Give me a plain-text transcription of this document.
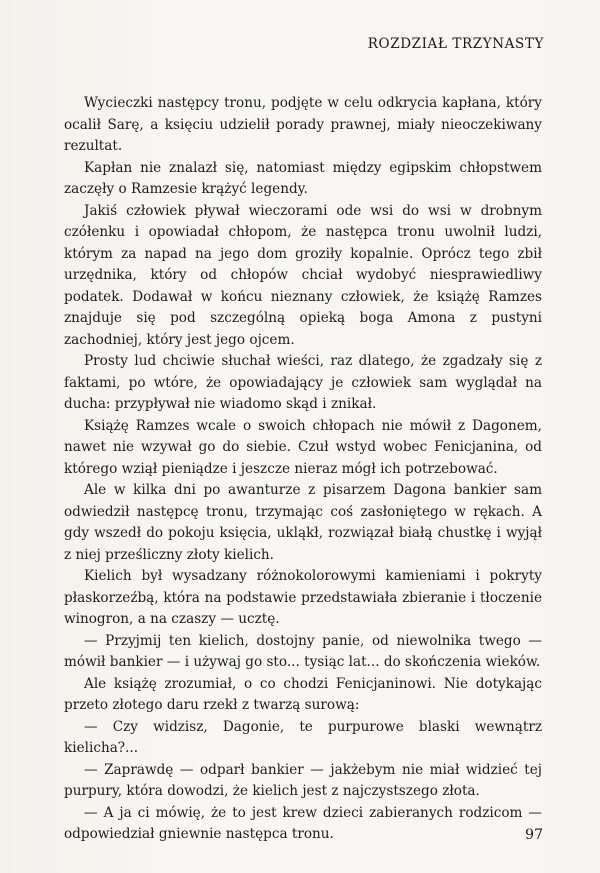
ROZDZIAŁ TRZYNASTY

Wycieczki następcy tronu, podjęte w celu odkrycia kapłana, który ocalił Sarę, a księciu udzielił porady prawnej, miały nieoczekiwany rezultat.

Kapłan nie znalazł się, natomiast między egipskim chłopstwem zaczęły o Ramzesie krążyć legendy.

Jakiś człowiek pływał wieczorami ode wsi do wsi w drobnym czółenku i opowiadał chłopom, że następca tronu uwolnił ludzi, którym za napad na jego dom groziły kopalnie. Oprócz tego zbił urzędnika, który od chłopów chciał wydobyć niesprawiedliwy podatek. Dodawał w końcu nieznany człowiek, że książę Ramzes znajduje się pod szczególną opieką boga Amona z pustyni zachodniej, który jest jego ojcem.

Prosty lud chciwie słuchał wieści, raz dlatego, że zgadzały się z faktami, po wtóre, że opowiadający je człowiek sam wyglądał na ducha: przypływał nie wiadomo skąd i znikał.

Książę Ramzes wcale o swoich chłopach nie mówił z Dagonem, nawet nie wzywał go do siebie. Czuł wstyd wobec Fenicjanina, od którego wziął pieniądze i jeszcze nieraz mógł ich potrzebować.

Ale w kilka dni po awanturze z pisarzem Dagona bankier sam odwiedził następcę tronu, trzymając coś zasłoniętego w rękach. A gdy wszedł do pokoju księcia, ukląkł, rozwiązał białą chustkę i wyjął z niej prześliczny złoty kielich.

Kielich był wysadzany różnokolorowymi kamieniami i pokryty płaskorzeźbą, która na podstawie przedstawiała zbieranie i tłoczenie winogron, a na czaszy — ucztę.

— Przyjmij ten kielich, dostojny panie, od niewolnika twego — mówił bankier — i używaj go sto... tysiąc lat... do skończenia wieków.

Ale książę zrozumiał, o co chodzi Fenicjaninowi. Nie dotykając przeto złotego daru rzekł z twarzą surową:

— Czy widzisz, Dagonie, te purpurowe blaski wewnątrz kielicha?...

— Zaprawdę — odparł bankier — jakżebym nie miał widzieć tej purpury, która dowodzi, że kielich jest z najczystszego złota.

— A ja ci mówię, że to jest krew dzieci zabieranych rodzicom — odpowiedział gniewnie następca tronu.	97
